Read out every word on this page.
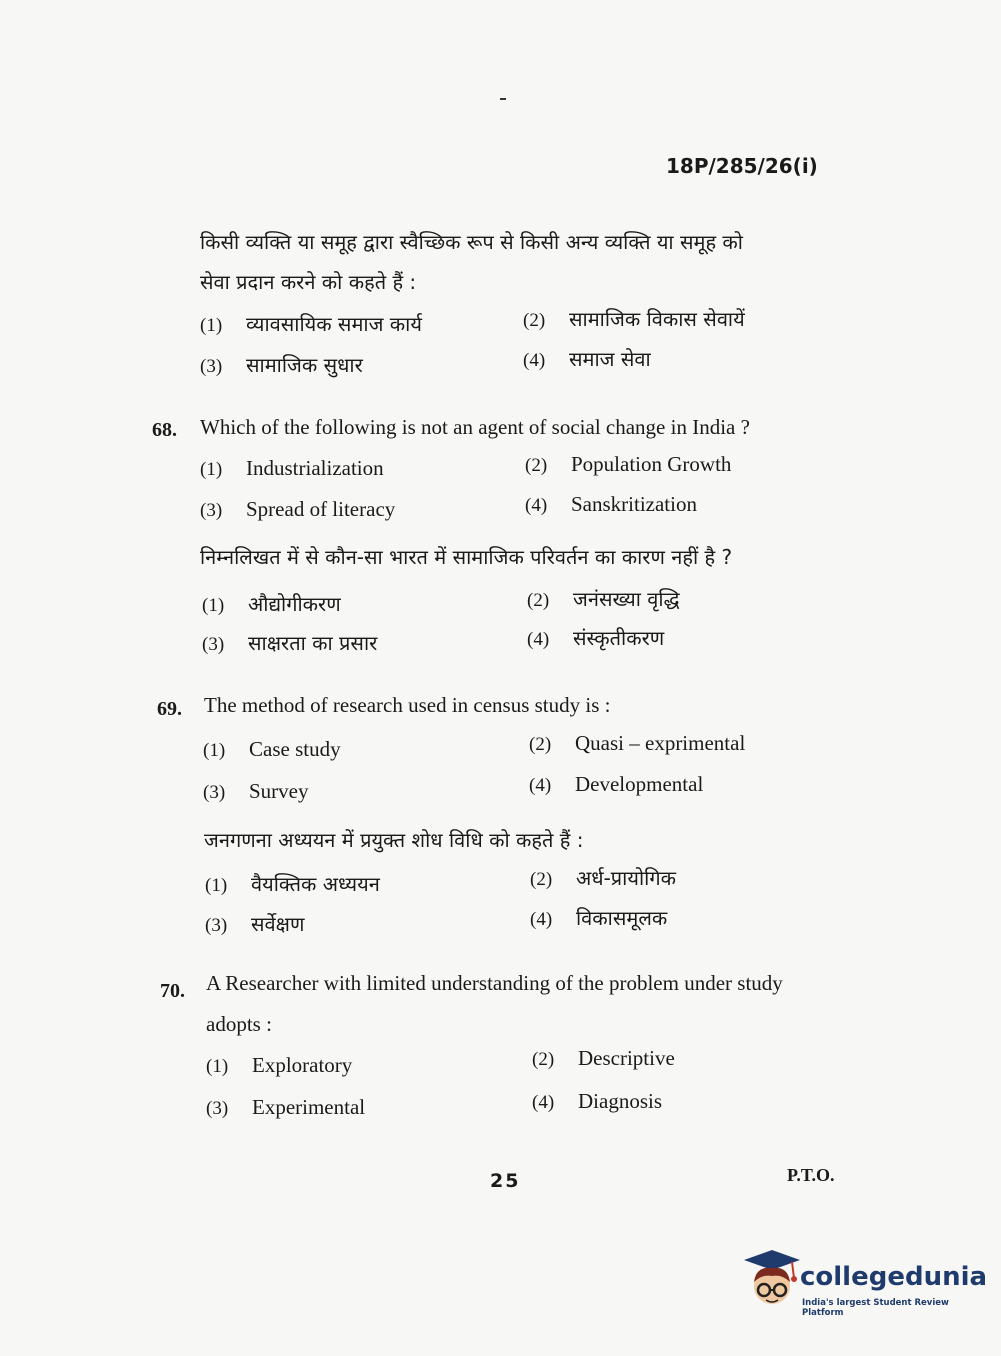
18P/285/26(i)
किसी व्यक्ति या समूह द्वारा स्वैच्छिक रूप से किसी अन्य व्यक्ति या समूह को
सेवा प्रदान करने को कहते हैं :
(1) व्यावसायिक समाज कार्य	(2) सामाजिक विकास सेवायें
(3) सामाजिक सुधार	(4) समाज सेवा
68. Which of the following is not an agent of social change in India ?
(1) Industrialization	(2) Population Growth
(3) Spread of literacy	(4) Sanskritization
निम्नलिखत में से कौन-सा भारत में सामाजिक परिवर्तन का कारण नहीं है ?
(1) औद्योगीकरण	(2) जनंसख्या वृद्धि
(3) साक्षरता का प्रसार	(4) संस्कृतीकरण
69. The method of research used in census study is :
(1) Case study	(2) Quasi – exprimental
(3) Survey	(4) Developmental
जनगणना अध्ययन में प्रयुक्त शोध विधि को कहते हैं :
(1) वैयक्तिक अध्ययन	(2) अर्ध-प्रायोगिक
(3) सर्वेक्षण	(4) विकासमूलक
70. A Researcher with limited understanding of the problem under study
adopts :
(1) Exploratory	(2) Descriptive
(3) Experimental	(4) Diagnosis
25	P.T.O.
collegedunia
India's largest Student Review Platform
